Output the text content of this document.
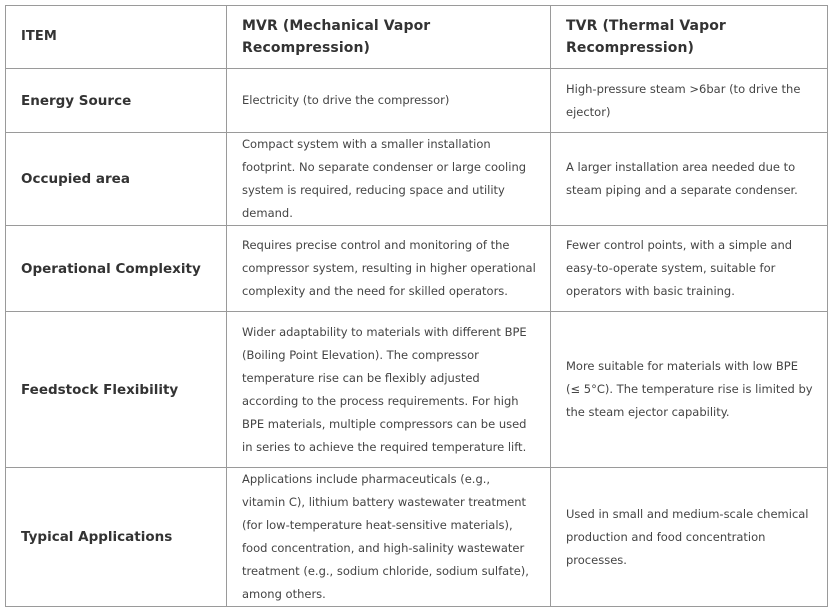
ITEM	MVR (Mechanical Vapor Recompression)	TVR (Thermal Vapor Recompression)
Energy Source	Electricity (to drive the compressor)	High-pressure steam >6bar (to drive the ejector)
Occupied area	Compact system with a smaller installation footprint. No separate condenser or large cooling system is required, reducing space and utility demand.	A larger installation area needed due to steam piping and a separate condenser.
Operational Complexity	Requires precise control and monitoring of the compressor system, resulting in higher operational complexity and the need for skilled operators.	Fewer control points, with a simple and easy-to-operate system, suitable for operators with basic training.
Feedstock Flexibility	Wider adaptability to materials with different BPE (Boiling Point Elevation). The compressor temperature rise can be flexibly adjusted according to the process requirements. For high BPE materials, multiple compressors can be used in series to achieve the required temperature lift.	More suitable for materials with low BPE (≤ 5°C). The temperature rise is limited by the steam ejector capability.
Typical Applications	Applications include pharmaceuticals (e.g., vitamin C), lithium battery wastewater treatment (for low-temperature heat-sensitive materials), food concentration, and high-salinity wastewater treatment (e.g., sodium chloride, sodium sulfate), among others.	Used in small and medium-scale chemical production and food concentration processes.
